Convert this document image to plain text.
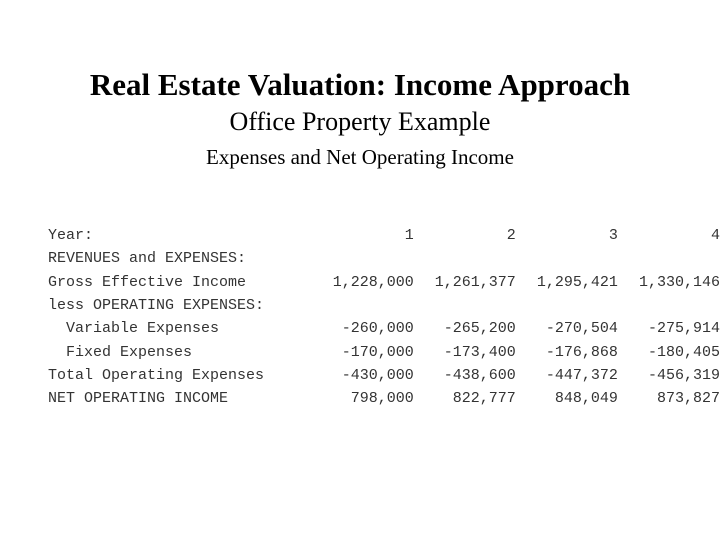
Real Estate Valuation: Income Approach
Office Property Example
Expenses and Net Operating Income
Year:	1	2	3	4
REVENUES and EXPENSES:				
Gross Effective Income	1,228,000	1,261,377	1,295,421	1,330,146
less OPERATING EXPENSES:				
Variable Expenses	-260,000	-265,200	-270,504	-275,914
Fixed Expenses	-170,000	-173,400	-176,868	-180,405
Total Operating Expenses	-430,000	-438,600	-447,372	-456,319
NET OPERATING INCOME	798,000	822,777	848,049	873,827
